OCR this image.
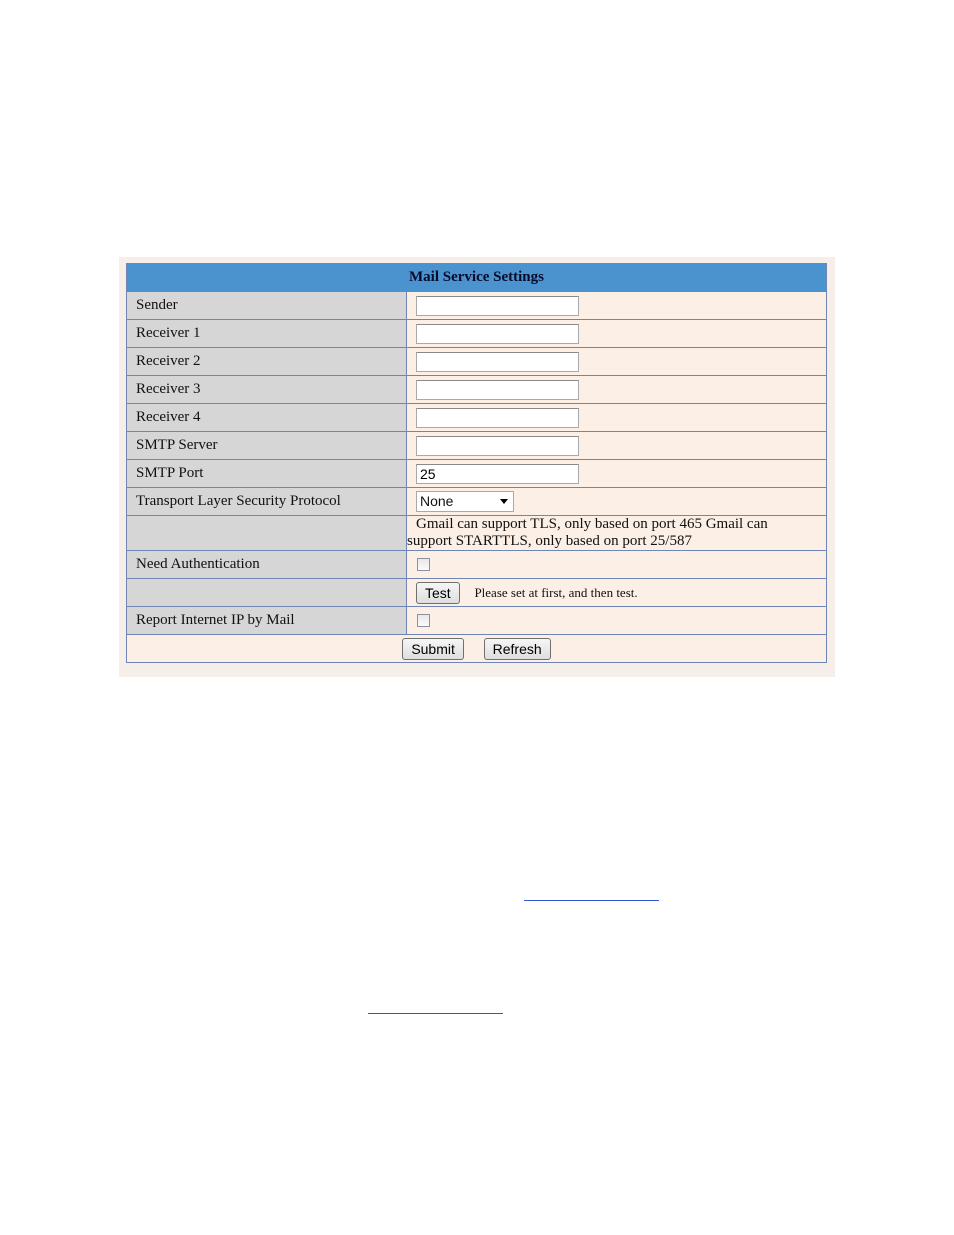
Mail Service Settings	
Sender	
Receiver 1	
Receiver 2	
Receiver 3	
Receiver 4	
SMTP Server	
SMTP Port	25
Transport Layer Security Protocol	None

	Gmail can support TLS, only based on port 465 Gmail can
support STARTTLS, only based on port 25/587

Need Authentication	
	Test Please set at first, and then test.
Report Internet IP by Mail	
Submit Refresh	
